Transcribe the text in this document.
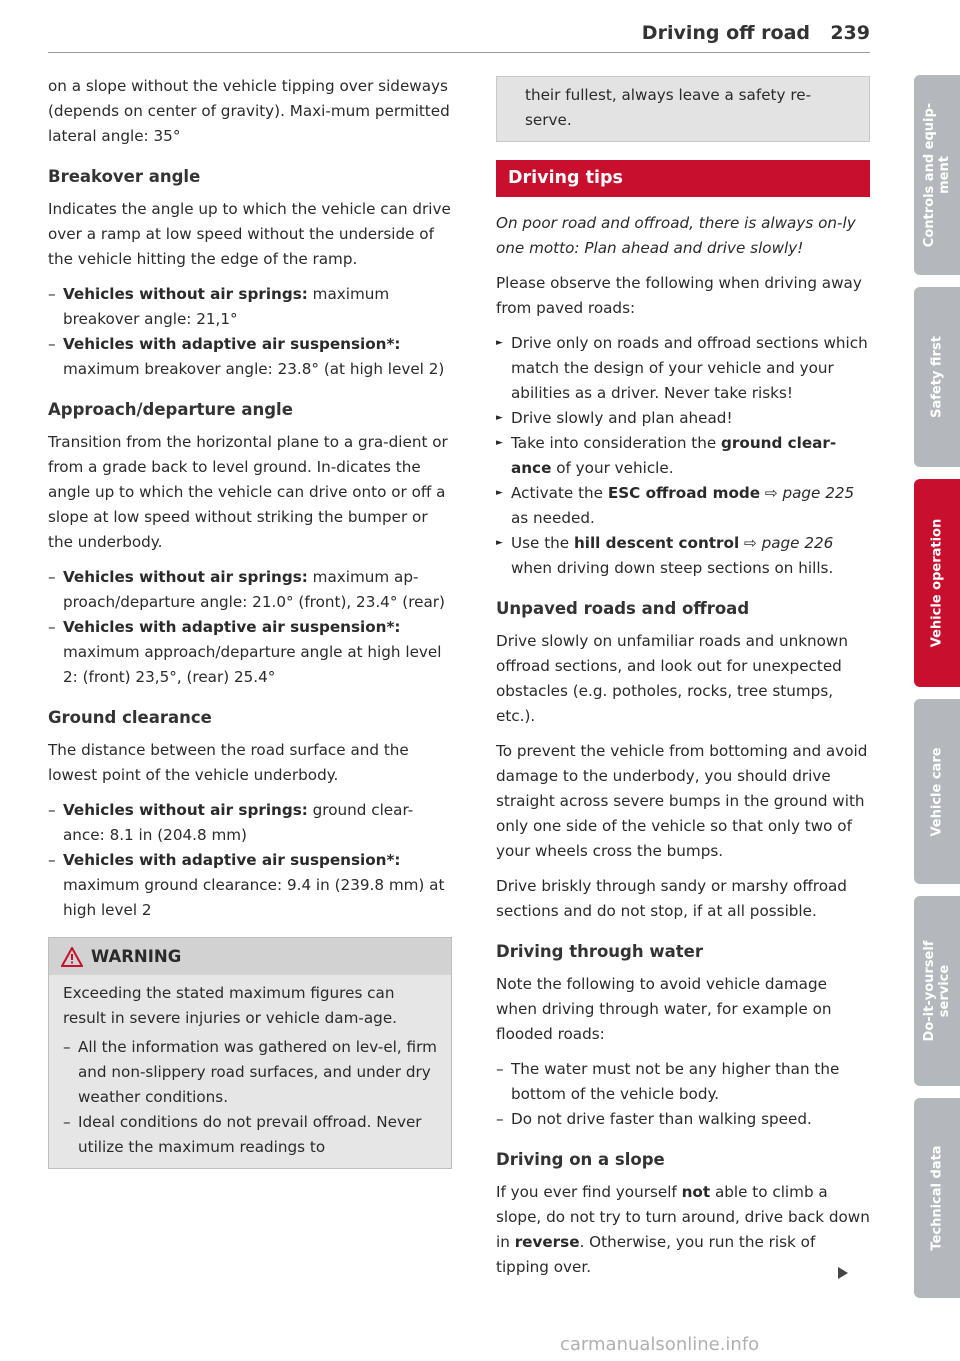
Driving off road 239

on a slope without the vehicle tipping over sideways (depends on center of gravity). Maxi-mum permitted lateral angle: 35°

Breakover angle

Indicates the angle up to which the vehicle can drive over a ramp at low speed without the underside of the vehicle hitting the edge of the ramp.

– Vehicles without air springs: maximum breakover angle: 21,1°
– Vehicles with adaptive air suspension*: maximum breakover angle: 23.8° (at high level 2)
Approach/departure angle

Transition from the horizontal plane to a gra-dient or from a grade back to level ground. In-dicates the angle up to which the vehicle can drive onto or off a slope at low speed without striking the bumper or the underbody.

– Vehicles without air springs: maximum ap-proach/departure angle: 21.0° (front), 23.4° (rear)
– Vehicles with adaptive air suspension*: maximum approach/departure angle at high level 2: (front) 23,5°, (rear) 25.4°
Ground clearance

The distance between the road surface and the lowest point of the vehicle underbody.

– Vehicles without air springs: ground clear-ance: 8.1 in (204.8 mm)
– Vehicles with adaptive air suspension*: maximum ground clearance: 9.4 in (239.8 mm) at high level 2
WARNING

Exceeding the stated maximum figures can result in severe injuries or vehicle dam-age.

– All the information was gathered on lev-el, firm and non-slippery road surfaces, and under dry weather conditions.
– Ideal conditions do not prevail offroad. Never utilize the maximum readings to
their fullest, always leave a safety re-serve.
Driving tips

On poor road and offroad, there is always on-ly one motto: Plan ahead and drive slowly!

Please observe the following when driving away from paved roads:

► Drive only on roads and offroad sections which match the design of your vehicle and your abilities as a driver. Never take risks!
► Drive slowly and plan ahead!
► Take into consideration the ground clear-ance of your vehicle.
► Activate the ESC offroad mode ⇨ page 225 as needed.
► Use the hill descent control ⇨ page 226 when driving down steep sections on hills.
Unpaved roads and offroad

Drive slowly on unfamiliar roads and unknown offroad sections, and look out for unexpected obstacles (e.g. potholes, rocks, tree stumps, etc.).

To prevent the vehicle from bottoming and avoid damage to the underbody, you should drive straight across severe bumps in the ground with only one side of the vehicle so that only two of your wheels cross the bumps.

Drive briskly through sandy or marshy offroad sections and do not stop, if at all possible.

Driving through water

Note the following to avoid vehicle damage when driving through water, for example on flooded roads:

– The water must not be any higher than the bottom of the vehicle body.
– Do not drive faster than walking speed.
Driving on a slope

If you ever find yourself not able to climb a slope, do not try to turn around, drive back down in reverse. Otherwise, you run the risk of tipping over.

Controls and equip-
ment
Safety first
Vehicle operation
Vehicle care
Do-it-yourself
service
Technical data
carmanualsonline.info
